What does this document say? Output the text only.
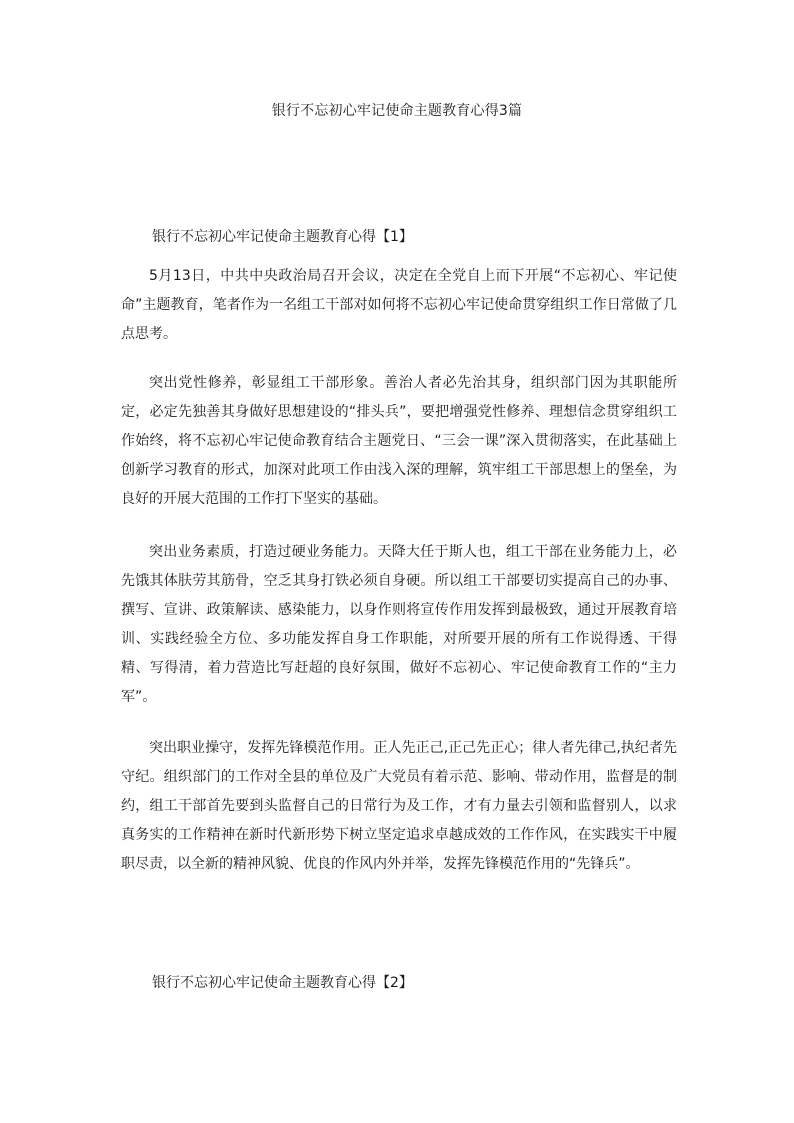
银行不忘初心牢记使命主题教育心得3篇
银行不忘初心牢记使命主题教育心得【1】

5月13日，中共中央政治局召开会议，决定在全党自上而下开展“不忘初心、牢记使命”主题教育，笔者作为一名组工干部对如何将不忘初心牢记使命贯穿组织工作日常做了几点思考。

突出党性修养，彰显组工干部形象。善治人者必先治其身，组织部门因为其职能所定，必定先独善其身做好思想建设的“排头兵”，要把增强党性修养、理想信念贯穿组织工作始终，将不忘初心牢记使命教育结合主题党日、“三会一课”深入贯彻落实，在此基础上创新学习教育的形式，加深对此项工作由浅入深的理解，筑牢组工干部思想上的堡垒，为良好的开展大范围的工作打下坚实的基础。

突出业务素质，打造过硬业务能力。天降大任于斯人也，组工干部在业务能力上，必先饿其体肤劳其筋骨，空乏其身打铁必须自身硬。所以组工干部要切实提高自己的办事、撰写、宣讲、政策解读、感染能力，以身作则将宣传作用发挥到最极致，通过开展教育培训、实践经验全方位、多功能发挥自身工作职能，对所要开展的所有工作说得透、干得精、写得清，着力营造比写赶超的良好氛围，做好不忘初心、牢记使命教育工作的“主力军”。

突出职业操守，发挥先锋模范作用。正人先正己,正己先正心；律人者先律己,执纪者先守纪。组织部门的工作对全县的单位及广大党员有着示范、影响、带动作用，监督是的制约，组工干部首先要到头监督自己的日常行为及工作，才有力量去引领和监督别人，以求真务实的工作精神在新时代新形势下树立坚定追求卓越成效的工作作风，在实践实干中履职尽责，以全新的精神风貌、优良的作风内外并举，发挥先锋模范作用的“先锋兵”。

银行不忘初心牢记使命主题教育心得【2】
